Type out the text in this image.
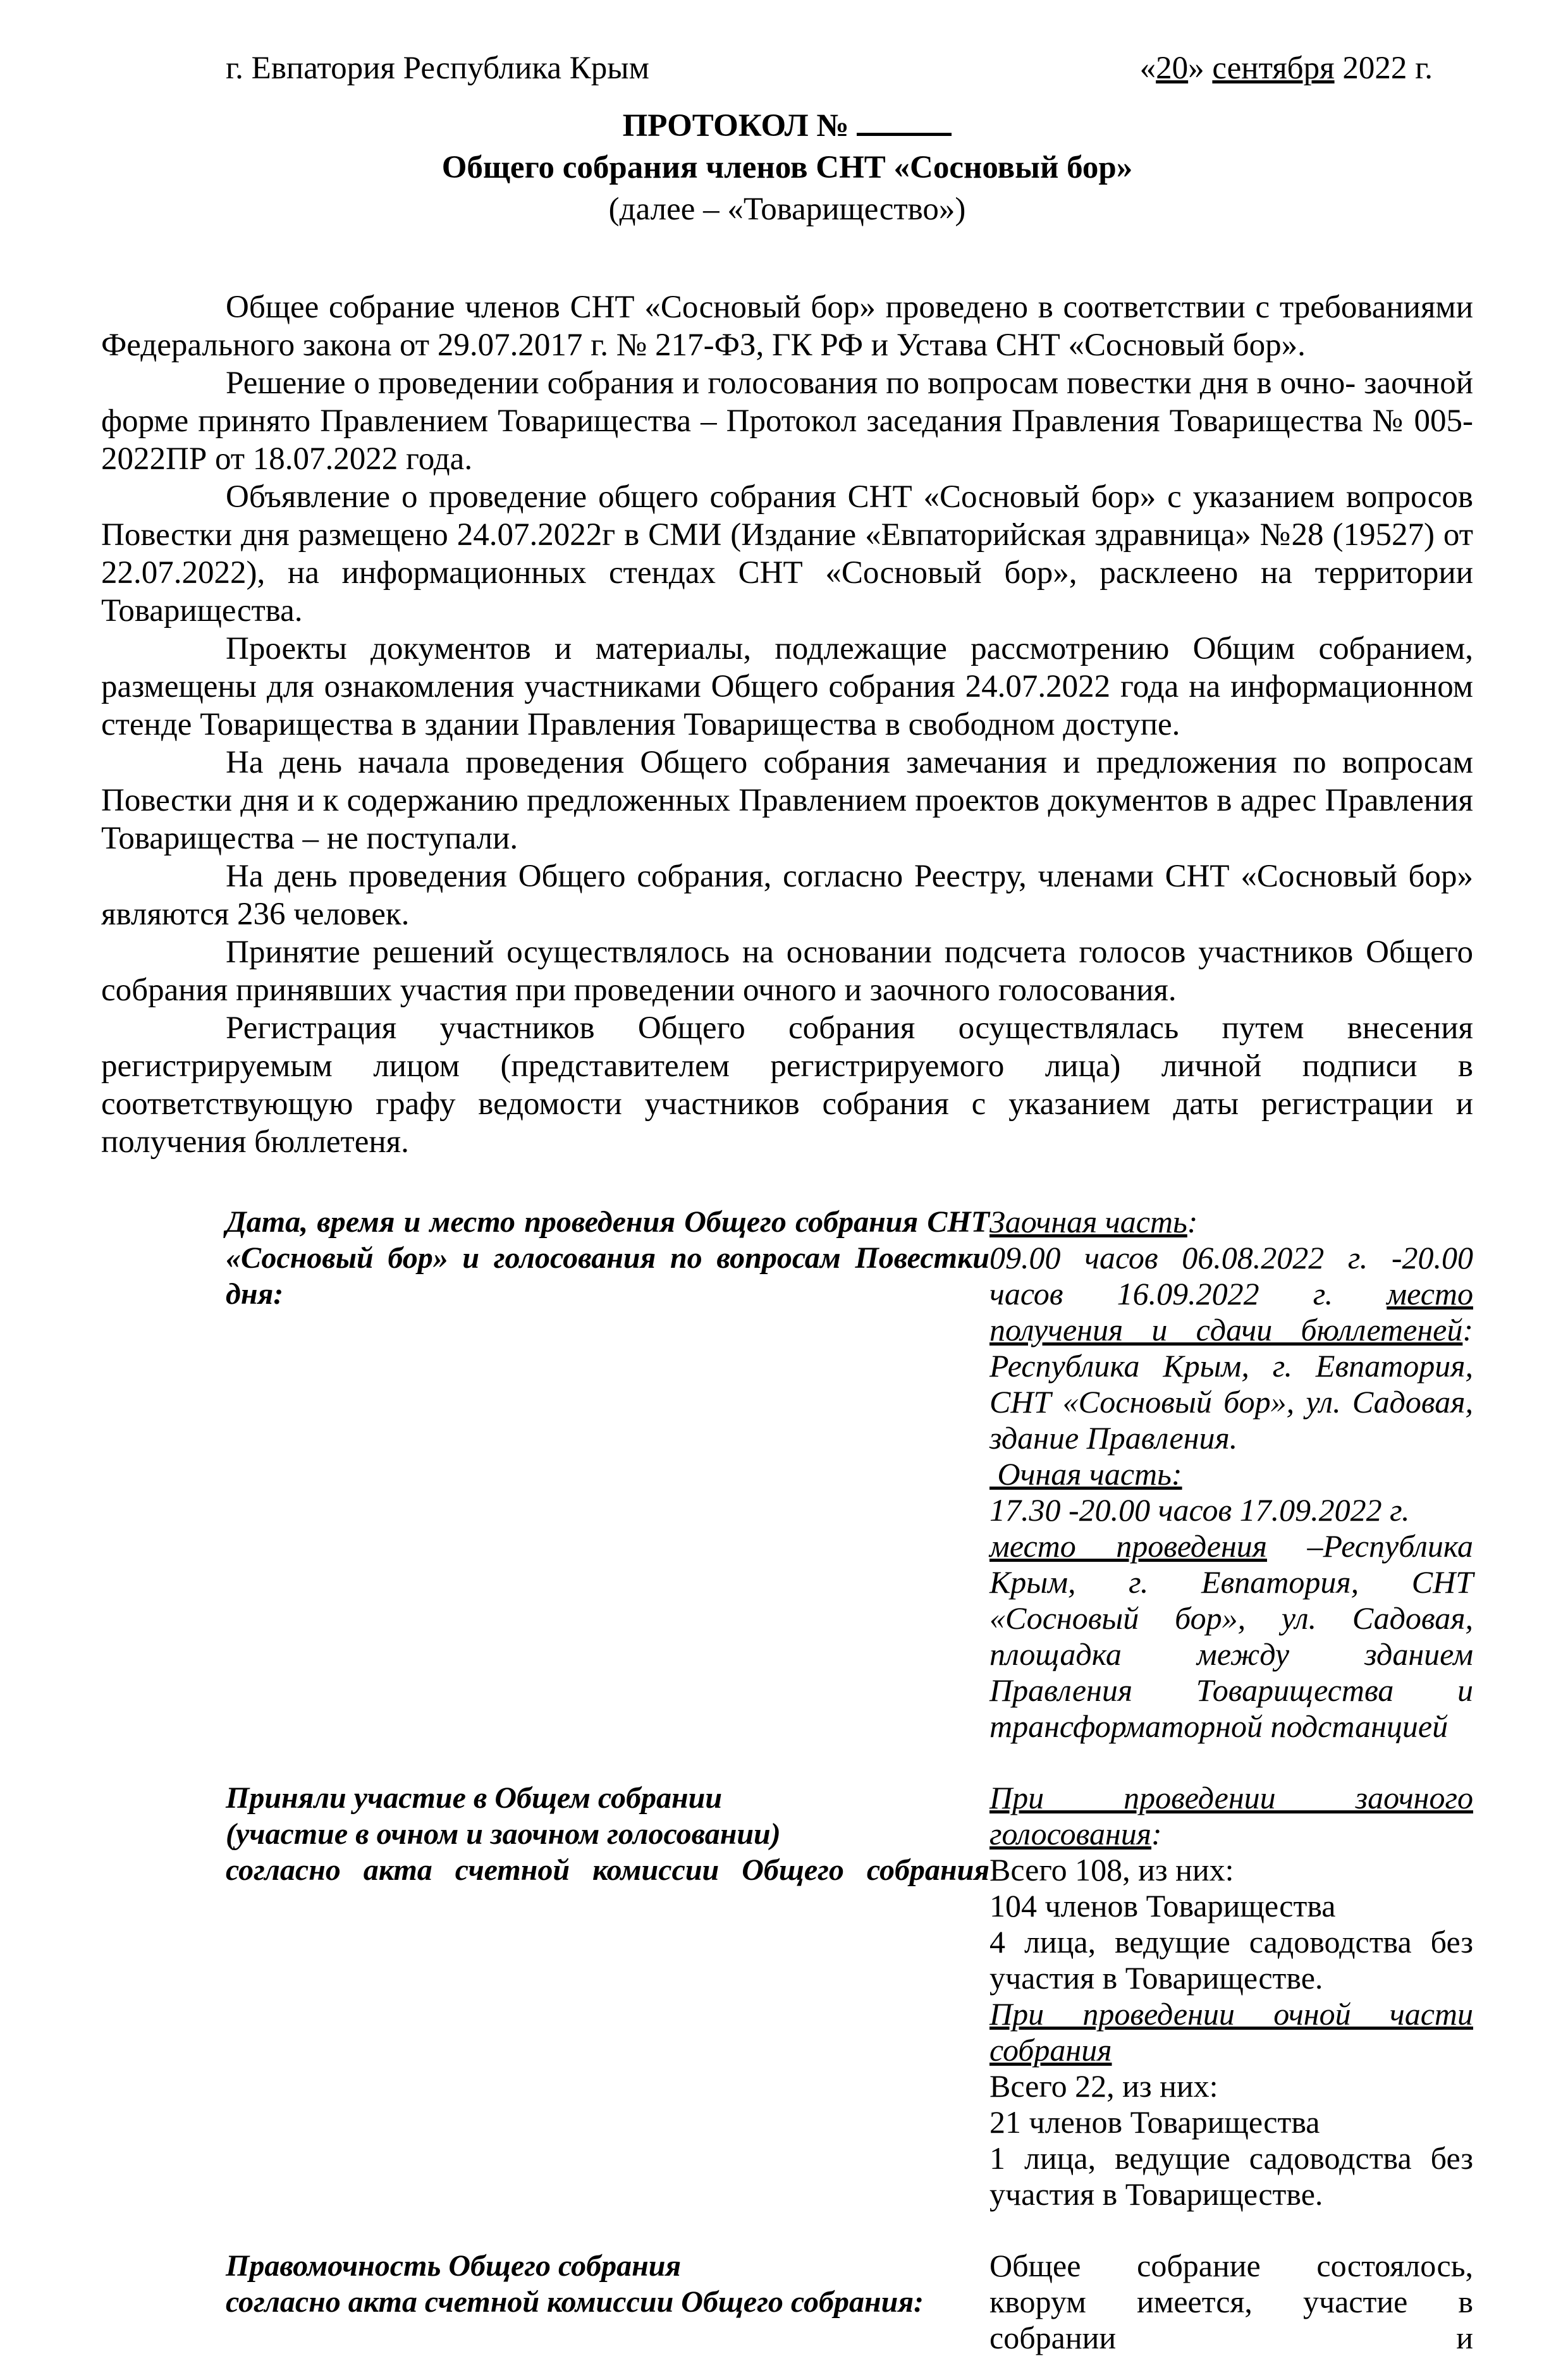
г. Евпатория Республика Крым	«20» сентября 2022 г.
ПРОТОКОЛ №
Общего собрания членов СНТ «Сосновый бор»
(далее – «Товарищество»)

Общее собрание членов СНТ «Сосновый бор» проведено в соответствии с требованиями Федерального закона от 29.07.2017 г. № 217-ФЗ, ГК РФ и Устава СНТ «Сосновый бор».

Решение о проведении собрания и голосования по вопросам повестки дня в очно- заочной форме принято Правлением Товарищества – Протокол заседания Правления Товарищества № 005-2022ПР от 18.07.2022 года.

Объявление о проведение общего собрания СНТ «Сосновый бор» с указанием вопросов Повестки дня размещено 24.07.2022г в СМИ (Издание «Евпаторийская здравница» №28 (19527) от 22.07.2022), на информационных стендах СНТ «Сосновый бор», расклеено на территории Товарищества.

Проекты документов и материалы, подлежащие рассмотрению Общим собранием, размещены для ознакомления участниками Общего собрания 24.07.2022 года на информационном стенде Товарищества в здании Правления Товарищества в свободном доступе.

На день начала проведения Общего собрания замечания и предложения по вопросам Повестки дня и к содержанию предложенных Правлением проектов документов в адрес Правления Товарищества – не поступали.

На день проведения Общего собрания, согласно Реестру, членами СНТ «Сосновый бор» являются 236 человек.

Принятие решений осуществлялось на основании подсчета голосов участников Общего собрания принявших участия при проведении очного и заочного голосования.

Регистрация участников Общего собрания осуществлялась путем внесения регистрируемым лицом (представителем регистрируемого лица) личной подписи в соответствующую графу ведомости участников собрания с указанием даты регистрации и получения бюллетеня.

Дата, время и место проведения Общего собрания СНТ
«Сосновый бор» и голосования по вопросам Повестки
дня:
Заочная часть:

09.00 часов 06.08.2022 г. -20.00 часов 16.09.2022 г. место получения и сдачи бюллетеней: Республика Крым, г. Евпатория, СНТ «Сосновый бор», ул. Садовая, здание Правления.

Очная часть:
17.30 -20.00 часов 17.09.2022 г.

место проведения –Республика Крым, г. Евпатория, СНТ «Сосновый бор», ул. Садовая, площадка между зданием Правления Товарищества и трансформаторной подстанцией

Приняли участие в Общем собрании
(участие в очном и заочном голосовании)
согласно акта счетной комиссии Общего собрания

При проведении заочного голосования:

Всего 108, из них:
104 членов Товарищества

4 лица, ведущие садоводства без участия в Товариществе.

При проведении очной части собрания

Всего 22, из них:
21 членов Товарищества

1 лица, ведущие садоводства без участия в Товариществе.

Правомочность Общего собрания
согласно акта счетной комиссии Общего собрания:

Общее собрание состоялось, кворум имеется, участие в собрании и
